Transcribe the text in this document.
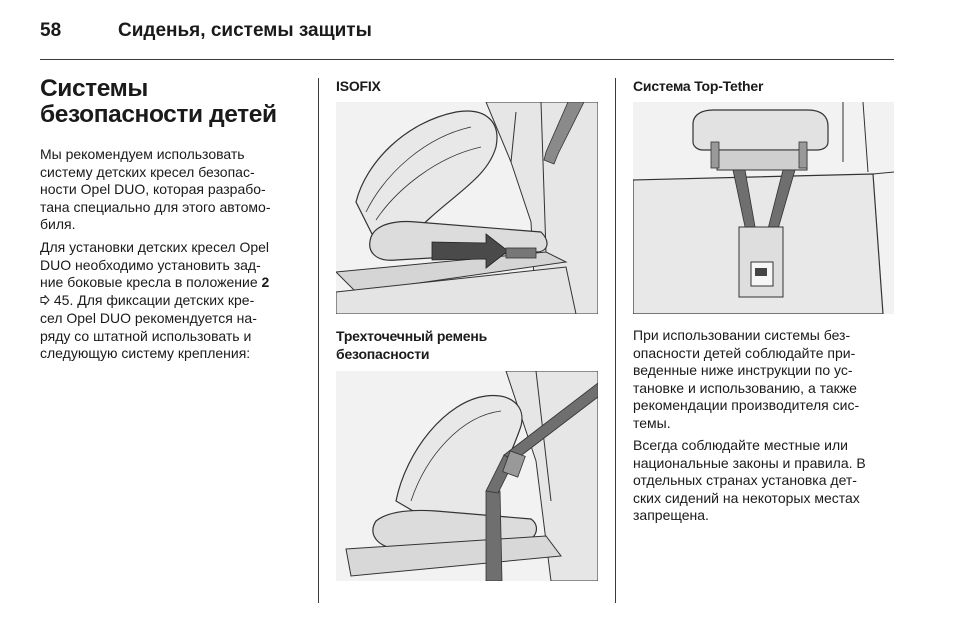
58	Сиденья, системы защиты
Системы
безопасности детей
Мы рекомендуем использовать
систему детских кресел безопас-
ности Opel DUO, которая разрабо-
тана специально для этого автомо-
биля.
Для установки детских кресел Opel
DUO необходимо установить зад-
ние боковые кресла в положение 2
45. Для фиксации детских кре-
сел Opel DUO рекомендуется на-
ряду со штатной использовать и
следующую систему крепления:
ISOFIX
Трехточечный ремень
безопасности
Система Top-Tether
При использовании системы без-
опасности детей соблюдайте при-
веденные ниже инструкции по ус-
тановке и использованию, а также
рекомендации производителя сис-
темы.
Всегда соблюдайте местные или
национальные законы и правила. В
отдельных странах установка дет-
ских сидений на некоторых местах
запрещена.
